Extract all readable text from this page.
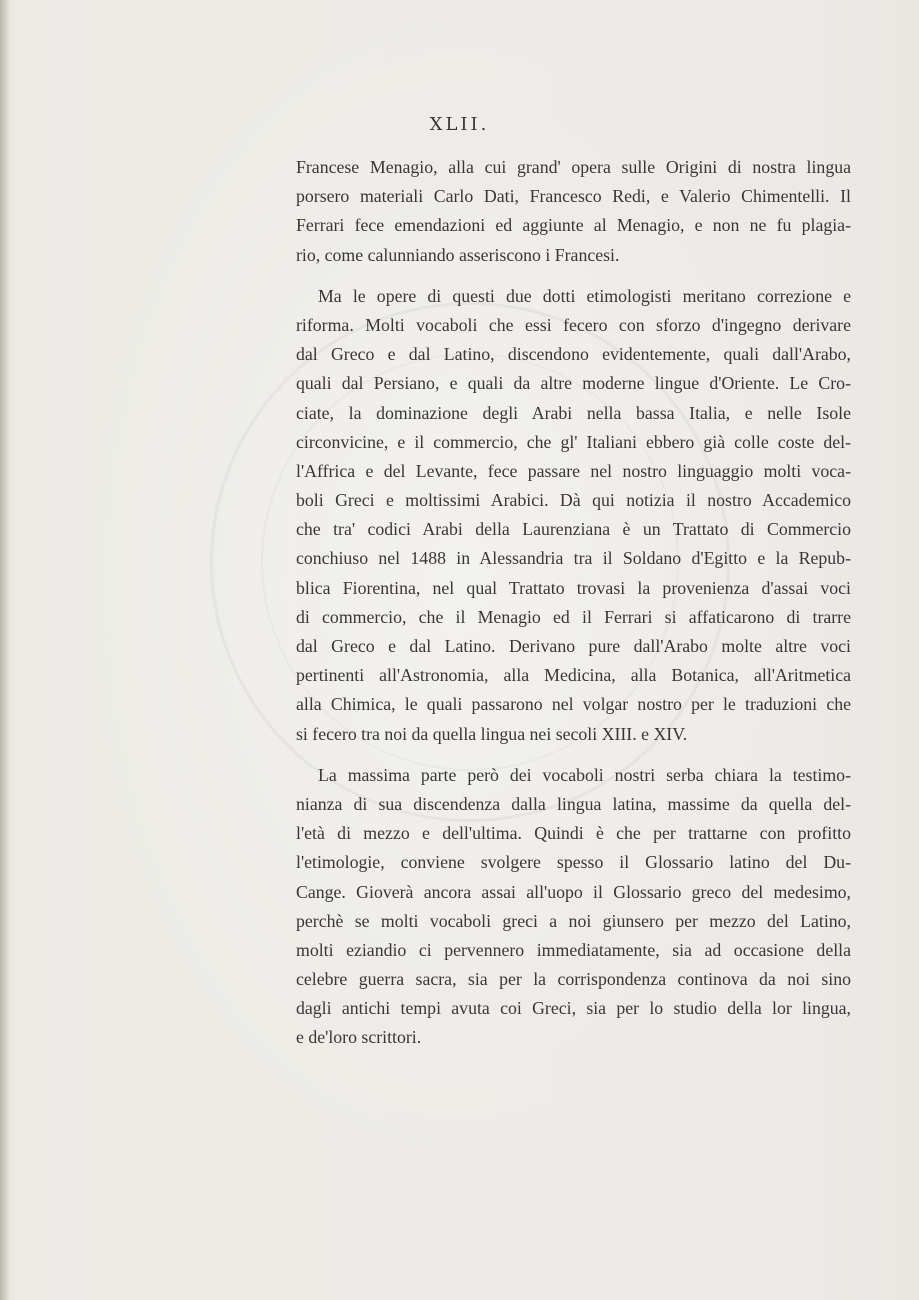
XLII.
Francese Menagio, alla cui grand' opera sulle Origini di nostra lingua
porsero materiali Carlo Dati, Francesco Redi, e Valerio Chimentelli. Il
Ferrari fece emendazioni ed aggiunte al Menagio, e non ne fu plagia-
rio, come calunniando asseriscono i Francesi.
Ma le opere di questi due dotti etimologisti meritano correzione e
riforma. Molti vocaboli che essi fecero con sforzo d'ingegno derivare
dal Greco e dal Latino, discendono evidentemente, quali dall'Arabo,
quali dal Persiano, e quali da altre moderne lingue d'Oriente. Le Cro-
ciate, la dominazione degli Arabi nella bassa Italia, e nelle Isole
circonvicine, e il commercio, che gl' Italiani ebbero già colle coste del-
l'Affrica e del Levante, fece passare nel nostro linguaggio molti voca-
boli Greci e moltissimi Arabici. Dà qui notizia il nostro Accademico
che tra' codici Arabi della Laurenziana è un Trattato di Commercio
conchiuso nel 1488 in Alessandria tra il Soldano d'Egitto e la Repub-
blica Fiorentina, nel qual Trattato trovasi la provenienza d'assai voci
di commercio, che il Menagio ed il Ferrari si affaticarono di trarre
dal Greco e dal Latino. Derivano pure dall'Arabo molte altre voci
pertinenti all'Astronomia, alla Medicina, alla Botanica, all'Aritmetica
alla Chimica, le quali passarono nel volgar nostro per le traduzioni che
si fecero tra noi da quella lingua nei secoli XIII. e XIV.
La massima parte però dei vocaboli nostri serba chiara la testimo-
nianza di sua discendenza dalla lingua latina, massime da quella del-
l'età di mezzo e dell'ultima. Quindi è che per trattarne con profitto
l'etimologie, conviene svolgere spesso il Glossario latino del Du-
Cange. Gioverà ancora assai all'uopo il Glossario greco del medesimo,
perchè se molti vocaboli greci a noi giunsero per mezzo del Latino,
molti eziandio ci pervennero immediatamente, sia ad occasione della
celebre guerra sacra, sia per la corrispondenza continova da noi sino
dagli antichi tempi avuta coi Greci, sia per lo studio della lor lingua,
e de'loro scrittori.
